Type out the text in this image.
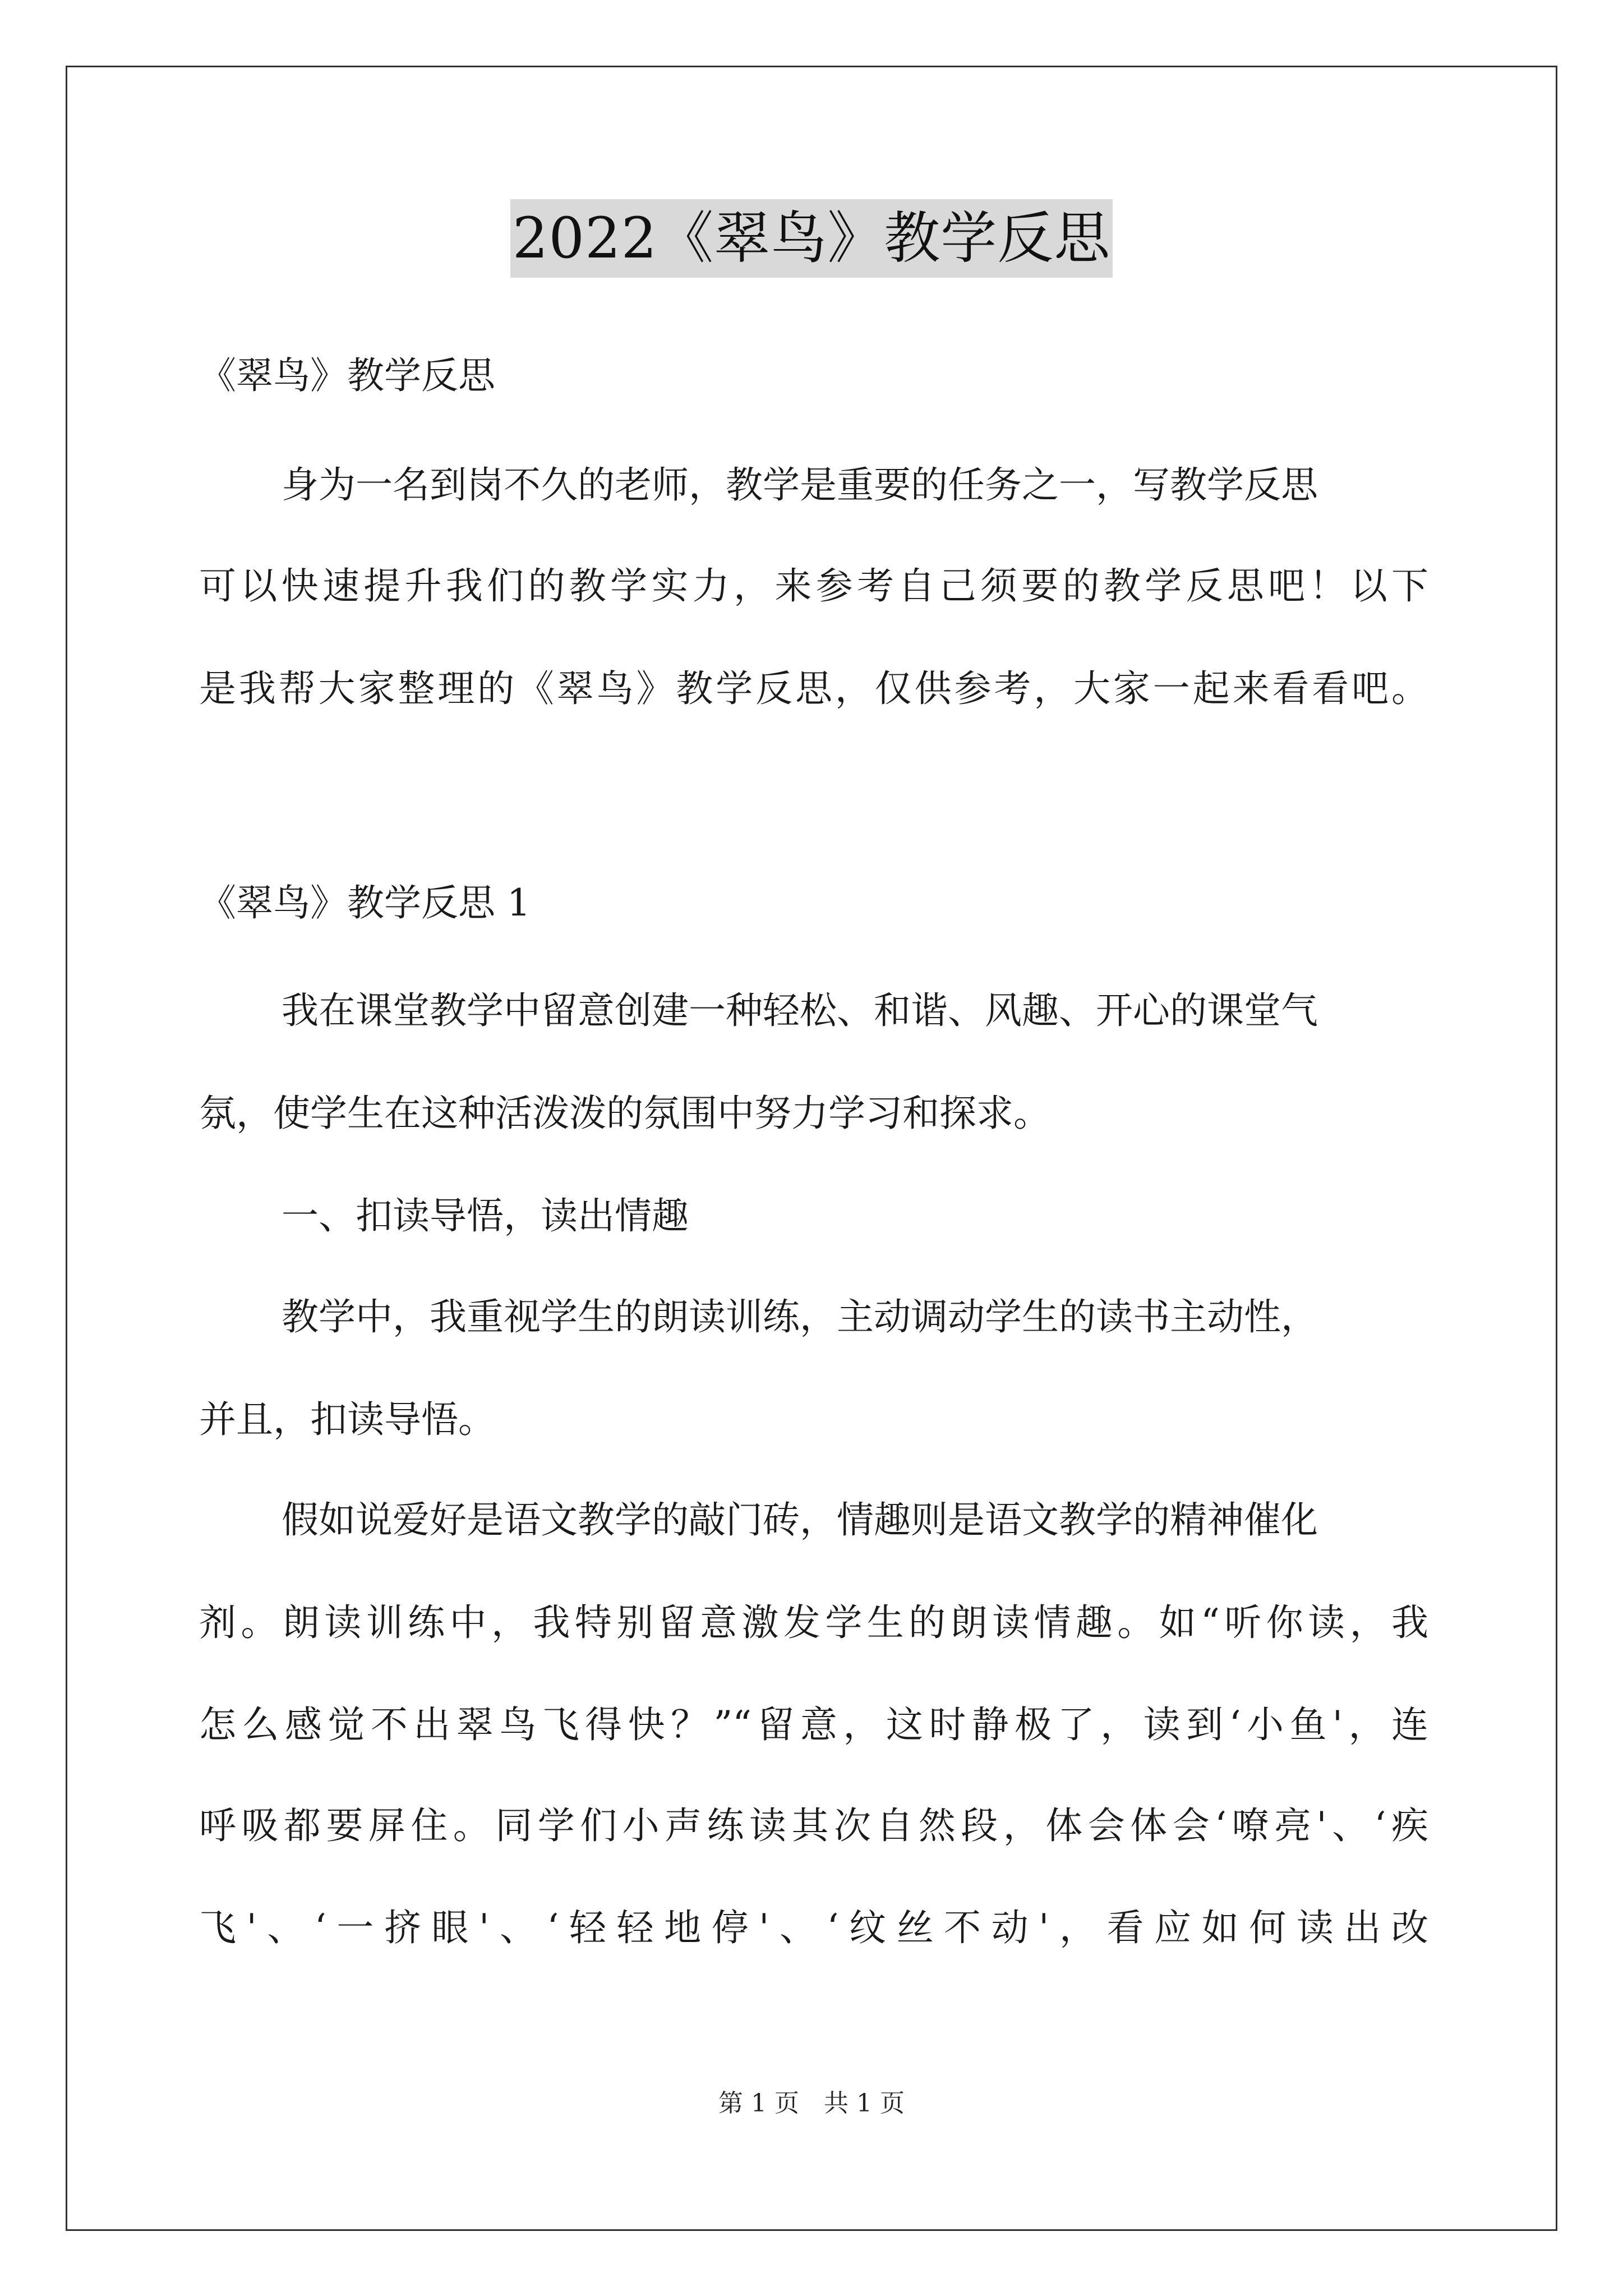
2022《翠鸟》教学反思
《翠鸟》教学反思
身为一名到岗不久的老师，教学是重要的任务之一，写教学反思
可以快速提升我们的教学实力，来参考自己须要的教学反思吧！以下
是我帮大家整理的《翠鸟》教学反思，仅供参考，大家一起来看看吧。
《翠鸟》教学反思 1
我在课堂教学中留意创建一种轻松、和谐、风趣、开心的课堂气
氛，使学生在这种活泼泼的氛围中努力学习和探求。
一、扣读导悟，读出情趣
教学中，我重视学生的朗读训练，主动调动学生的读书主动性，
并且，扣读导悟。
假如说爱好是语文教学的敲门砖，情趣则是语文教学的精神催化
剂。朗读训练中，我特别留意激发学生的朗读情趣。如“听你读，我
怎么感觉不出翠鸟飞得快？”“留意，这时静极了，读到‘小鱼'，连
呼吸都要屏住。同学们小声练读其次自然段，体会体会‘嘹亮'、‘疾
飞'、‘一挤眼'、‘轻轻地停'、‘纹丝不动'，看应如何读出改
第 1 页　共 1 页
